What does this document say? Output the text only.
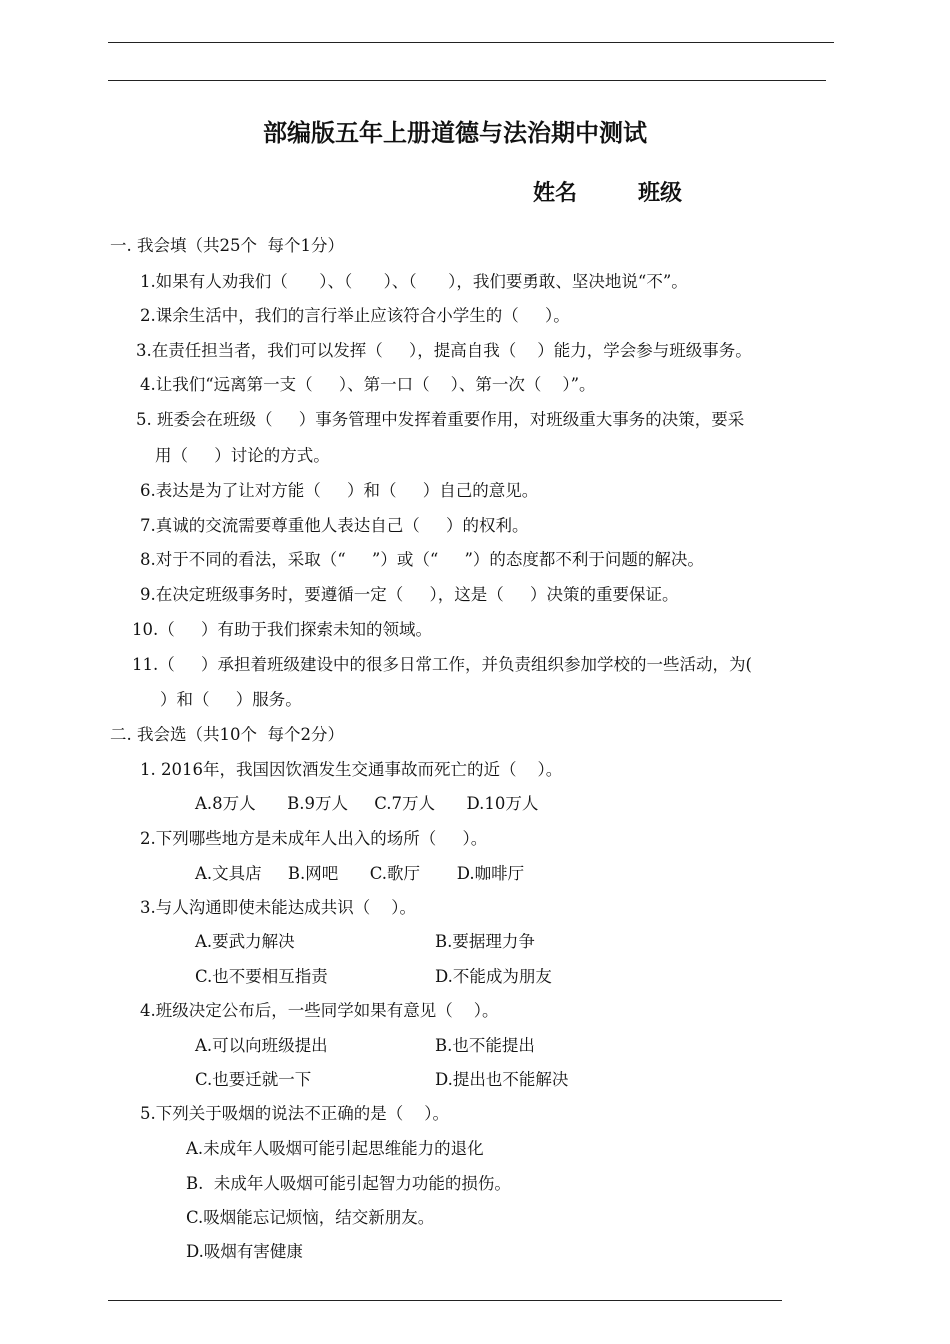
部编版五年上册道德与法治期中测试
姓名	班级
一. 我会填（共25个  每个1分）
1.如果有人劝我们（      ）、（      ）、（      ），我们要勇敢、坚决地说“不”。
2.课余生活中，我们的言行举止应该符合小学生的（     ）。
3.在责任担当者，我们可以发挥（     ），提高自我（    ）能力，学会参与班级事务。
4.让我们“远离第一支（     ）、第一口（    ）、第一次（    ）”。
5. 班委会在班级（     ）事务管理中发挥着重要作用，对班级重大事务的决策，要采
用（     ）讨论的方式。
6.表达是为了让对方能（     ）和（     ）自己的意见。
7.真诚的交流需要尊重他人表达自己（     ）的权利。
8.对于不同的看法，采取（“     ”）或（“     ”）的态度都不利于问题的解决。
9.在决定班级事务时，要遵循一定（     ），这是（     ）决策的重要保证。
10.（     ）有助于我们探索未知的领域。
11.（     ）承担着班级建设中的很多日常工作，并负责组织参加学校的一些活动，为(
）和（     ）服务。
二. 我会选（共10个  每个2分）
1. 2016年，我国因饮酒发生交通事故而死亡的近（    ）。
A.8万人      B.9万人     C.7万人      D.10万人
2.下列哪些地方是未成年人出入的场所（     ）。
A.文具店     B.网吧      C.歌厅       D.咖啡厅
3.与人沟通即使未能达成共识（    ）。
A.要武力解决	B.要据理力争
C.也不要相互指责	D.不能成为朋友
4.班级决定公布后，一些同学如果有意见（    ）。
A.可以向班级提出	B.也不能提出
C.也要迁就一下	D.提出也不能解决
5.下列关于吸烟的说法不正确的是（    ）。
A.未成年人吸烟可能引起思维能力的退化
B.  未成年人吸烟可能引起智力功能的损伤。
C.吸烟能忘记烦恼，结交新朋友。
D.吸烟有害健康
